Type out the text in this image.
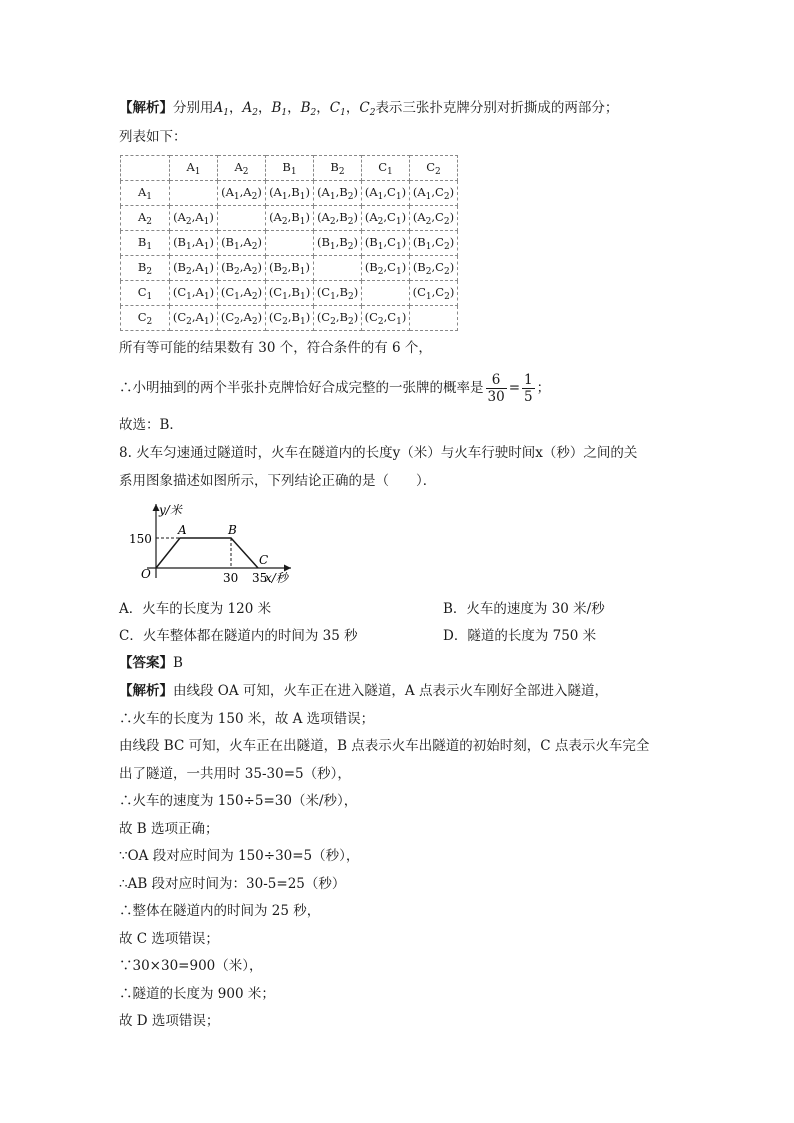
【解析】分别用$A_1$，$A_2$，$B_1$，$B_2$，$C_1$，$C_2$表示三张扑克牌分别对折撕成的两部分；
列表如下：
	$A_1$	$A_2$	$B_1$	$B_2$	$C_1$	$C_2$
$A_1$		$(A_1,A_2)$	$(A_1,B_1)$	$(A_1,B_2)$	$(A_1,C_1)$	$(A_1,C_2)$
$A_2$	$(A_2,A_1)$		$(A_2,B_1)$	$(A_2,B_2)$	$(A_2,C_1)$	$(A_2,C_2)$
$B_1$	$(B_1,A_1)$	$(B_1,A_2)$		$(B_1,B_2)$	$(B_1,C_1)$	$(B_1,C_2)$
$B_2$	$(B_2,A_1)$	$(B_2,A_2)$	$(B_2,B_1)$		$(B_2,C_1)$	$(B_2,C_2)$
$C_1$	$(C_1,A_1)$	$(C_1,A_2)$	$(C_1,B_1)$	$(C_1,B_2)$		$(C_1,C_2)$
$C_2$	$(C_2,A_1)$	$(C_2,A_2)$	$(C_2,B_1)$	$(C_2,B_2)$	$(C_2,C_1)$	
所有等可能的结果数有 30 个，符合条件的有 6 个，
∴小明抽到的两个半张扑克牌恰好合成完整的一张牌的概率是 $\frac{6}{30} = \frac{1}{5}$ ；
故选：B．
8. 火车匀速通过隧道时，火车在隧道内的长度y（米）与火车行驶时间x（秒）之间的关
系用图象描述如图所示，下列结论正确的是（　　）．
y/米
x/秒
O
150
30 35
A	B
C
A．火车的长度为 120 米	B．火车的速度为 30 米/秒
C．火车整体都在隧道内的时间为 35 秒	D．隧道的长度为 750 米
【答案】B
【解析】由线段 OA 可知，火车正在进入隧道，A 点表示火车刚好全部进入隧道，
∴火车的长度为 150 米，故 A 选项错误；
由线段 BC 可知，火车正在出隧道，B 点表示火车出隧道的初始时刻，C 点表示火车完全
出了隧道，一共用时 35-30=5（秒），
∴火车的速度为 150÷5=30（米/秒），
故 B 选项正确；
∵OA 段对应时间为 150÷30=5（秒），
∴AB 段对应时间为：30-5=25（秒）
∴整体在隧道内的时间为 25 秒，
故 C 选项错误；
∵30×30=900（米），
∴隧道的长度为 900 米；
故 D 选项错误；
